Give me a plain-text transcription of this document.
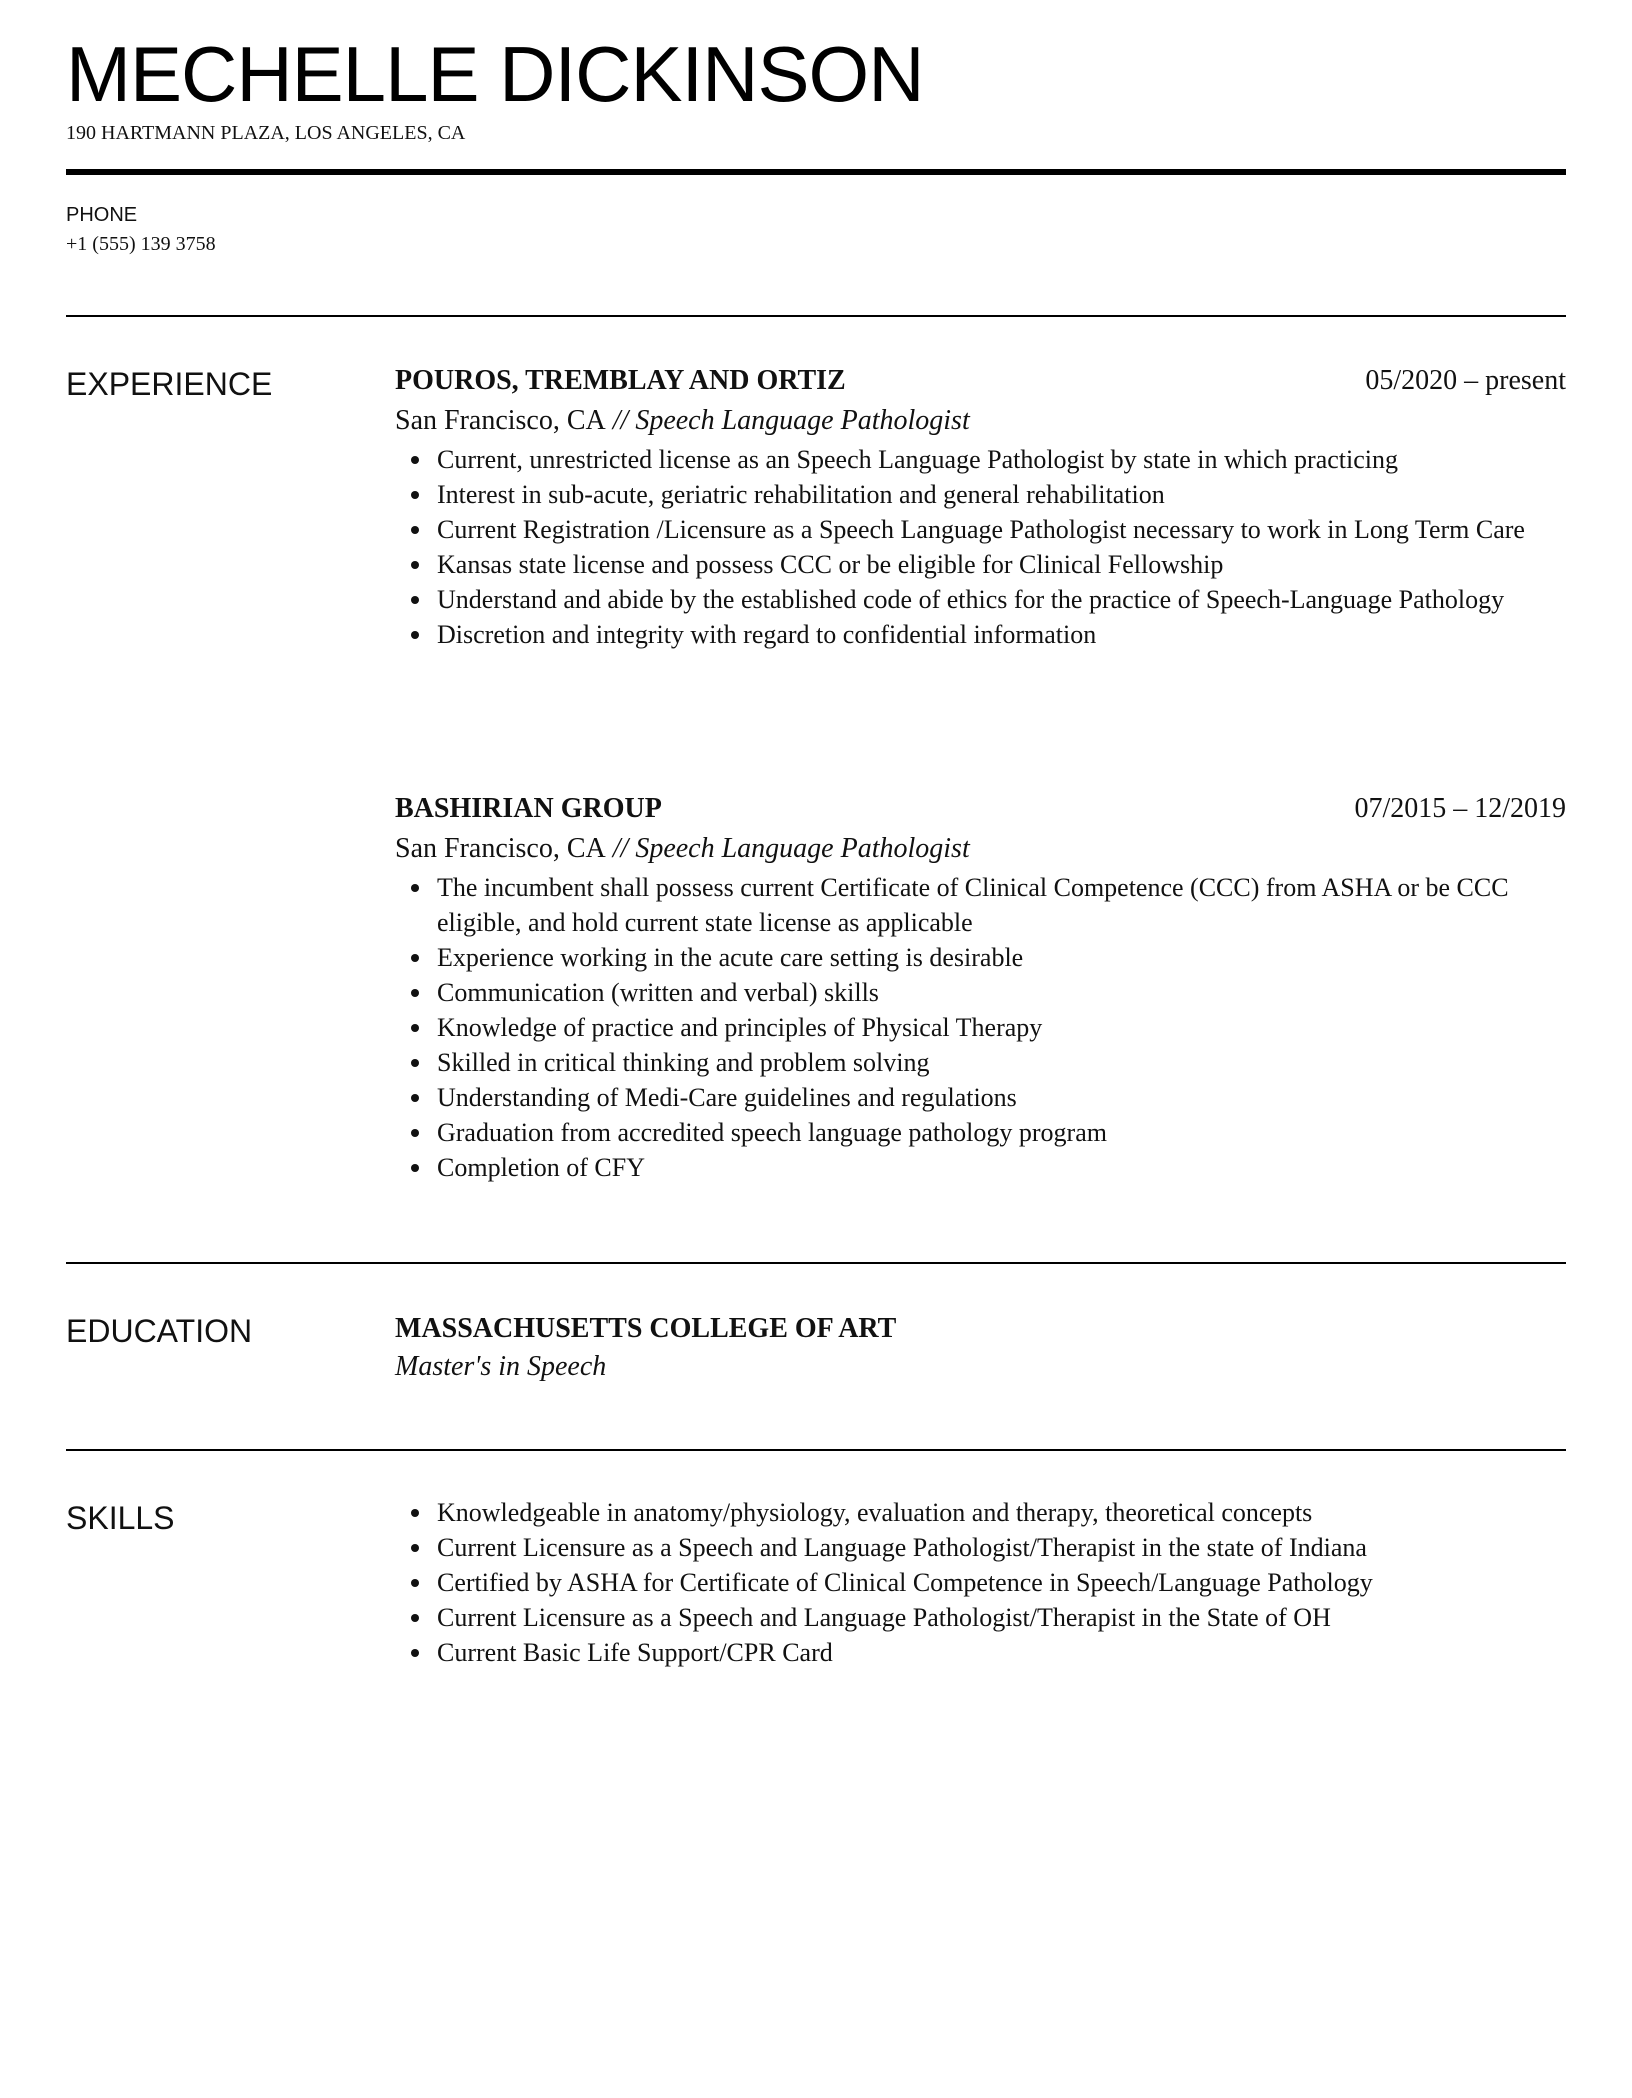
MECHELLE DICKINSON
190 HARTMANN PLAZA, LOS ANGELES, CA
PHONE
+1 (555) 139 3758
EXPERIENCE	POUROS, TREMBLAY AND ORTIZ	05/2020 – present
San Francisco, CA // Speech Language Pathologist
Current, unrestricted license as an Speech Language Pathologist by state in which practicing
Interest in sub-acute, geriatric rehabilitation and general rehabilitation
Current Registration /Licensure as a Speech Language Pathologist necessary to work in Long Term Care
Kansas state license and possess CCC or be eligible for Clinical Fellowship
Understand and abide by the established code of ethics for the practice of Speech-Language Pathology
Discretion and integrity with regard to confidential information
BASHIRIAN GROUP	07/2015 – 12/2019
San Francisco, CA // Speech Language Pathologist
The incumbent shall possess current Certificate of Clinical Competence (CCC) from ASHA or be CCC eligible, and hold current state license as applicable
Experience working in the acute care setting is desirable
Communication (written and verbal) skills
Knowledge of practice and principles of Physical Therapy
Skilled in critical thinking and problem solving
Understanding of Medi-Care guidelines and regulations
Graduation from accredited speech language pathology program
Completion of CFY
EDUCATION	MASSACHUSETTS COLLEGE OF ART
Master's in Speech
SKILLS	Knowledgeable in anatomy/physiology, evaluation and therapy, theoretical concepts
Current Licensure as a Speech and Language Pathologist/Therapist in the state of Indiana
Certified by ASHA for Certificate of Clinical Competence in Speech/Language Pathology
Current Licensure as a Speech and Language Pathologist/Therapist in the State of OH
Current Basic Life Support/CPR Card
